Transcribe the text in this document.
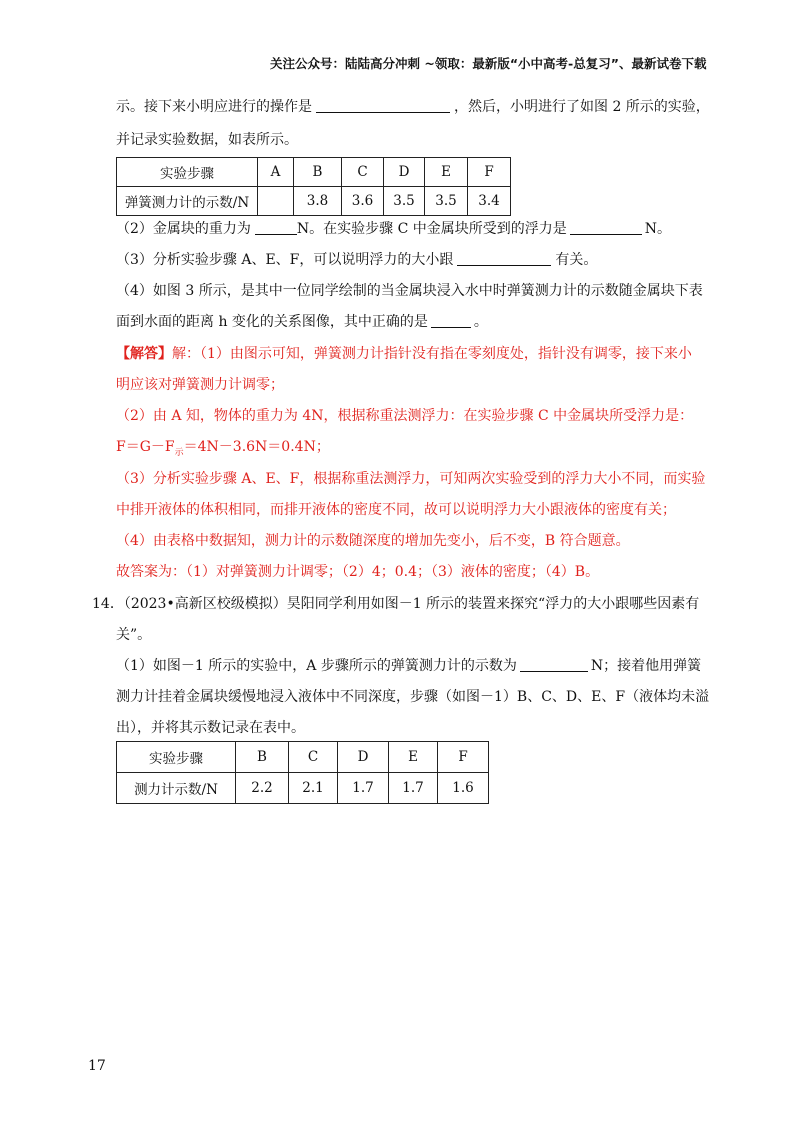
关注公众号：陆陆高分冲刺 ~领取：最新版“小中高考-总复习”、最新试卷下载
示。接下来小明应进行的操作是	，然后，小明进行了如图 2 所示的实验，
并记录实验数据，如表所示。
实验步骤	A	B	C	D	E	F
弹簧测力计的示数/N		3.8	3.6	3.5	3.5	3.4
（2）金属块的重力为	N。在实验步骤 C 中金属块所受到的浮力是	N。
（3）分析实验步骤 A、E、F，可以说明浮力的大小跟	有关。
（4）如图 3 所示，是其中一位同学绘制的当金属块浸入水中时弹簧测力计的示数随金属块下表
面到水面的距离 h 变化的关系图像，其中正确的是	。
【解答】解：（1）由图示可知，弹簧测力计指针没有指在零刻度处，指针没有调零，接下来小
明应该对弹簧测力计调零；
（2）由 A 知，物体的重力为 4N，根据称重法测浮力：在实验步骤 C 中金属块所受浮力是：
$F=G-F_示=4N-3.6N=0.4N$；
（3）分析实验步骤 A、E、F，根据称重法测浮力，可知两次实验受到的浮力大小不同，而实验
中排开液体的体积相同，而排开液体的密度不同，故可以说明浮力大小跟液体的密度有关；
（4）由表格中数据知，测力计的示数随深度的增加先变小，后不变，B 符合题意。
故答案为：（1）对弹簧测力计调零；（2）4；0.4；（3）液体的密度；（4）B。
14．（2023•高新区校级模拟）昊阳同学利用如图－1 所示的装置来探究“浮力的大小跟哪些因素有
关”。
（1）如图－1 所示的实验中，A 步骤所示的弹簧测力计的示数为	N；接着他用弹簧
测力计挂着金属块缓慢地浸入液体中不同深度，步骤（如图－1）B、C、D、E、F（液体均未溢
出），并将其示数记录在表中。
实验步骤	B	C	D	E	F
测力计示数/N	2.2	2.1	1.7	1.7	1.6
17
